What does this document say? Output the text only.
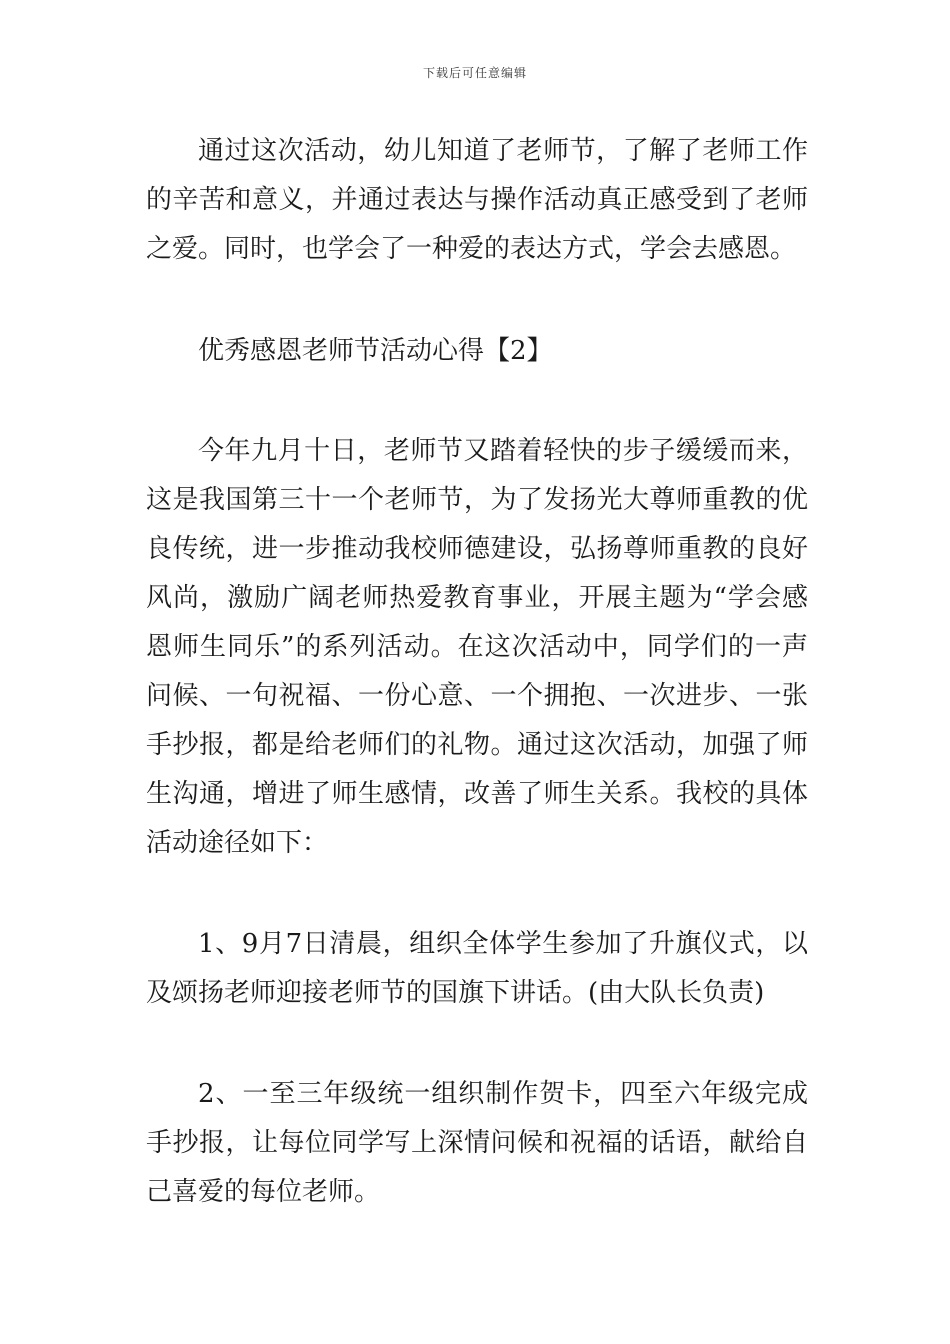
下载后可任意编辑

通过这次活动，幼儿知道了老师节，了解了老师工作的辛苦和意义，并通过表达与操作活动真正感受到了老师之爱。同时，也学会了一种爱的表达方式，学会去感恩。

优秀感恩老师节活动心得【2】

今年九月十日，老师节又踏着轻快的步子缓缓而来，这是我国第三十一个老师节，为了发扬光大尊师重教的优良传统，进一步推动我校师德建设，弘扬尊师重教的良好风尚，激励广阔老师热爱教育事业，开展主题为“学会感恩师生同乐”的系列活动。在这次活动中，同学们的一声问候、一句祝福、一份心意、一个拥抱、一次进步、一张手抄报，都是给老师们的礼物。通过这次活动，加强了师生沟通，增进了师生感情，改善了师生关系。我校的具体活动途径如下：

1、9月7日清晨，组织全体学生参加了升旗仪式，以及颂扬老师迎接老师节的国旗下讲话。(由大队长负责)

2、一至三年级统一组织制作贺卡，四至六年级完成手抄报，让每位同学写上深情问候和祝福的话语，献给自己喜爱的每位老师。
